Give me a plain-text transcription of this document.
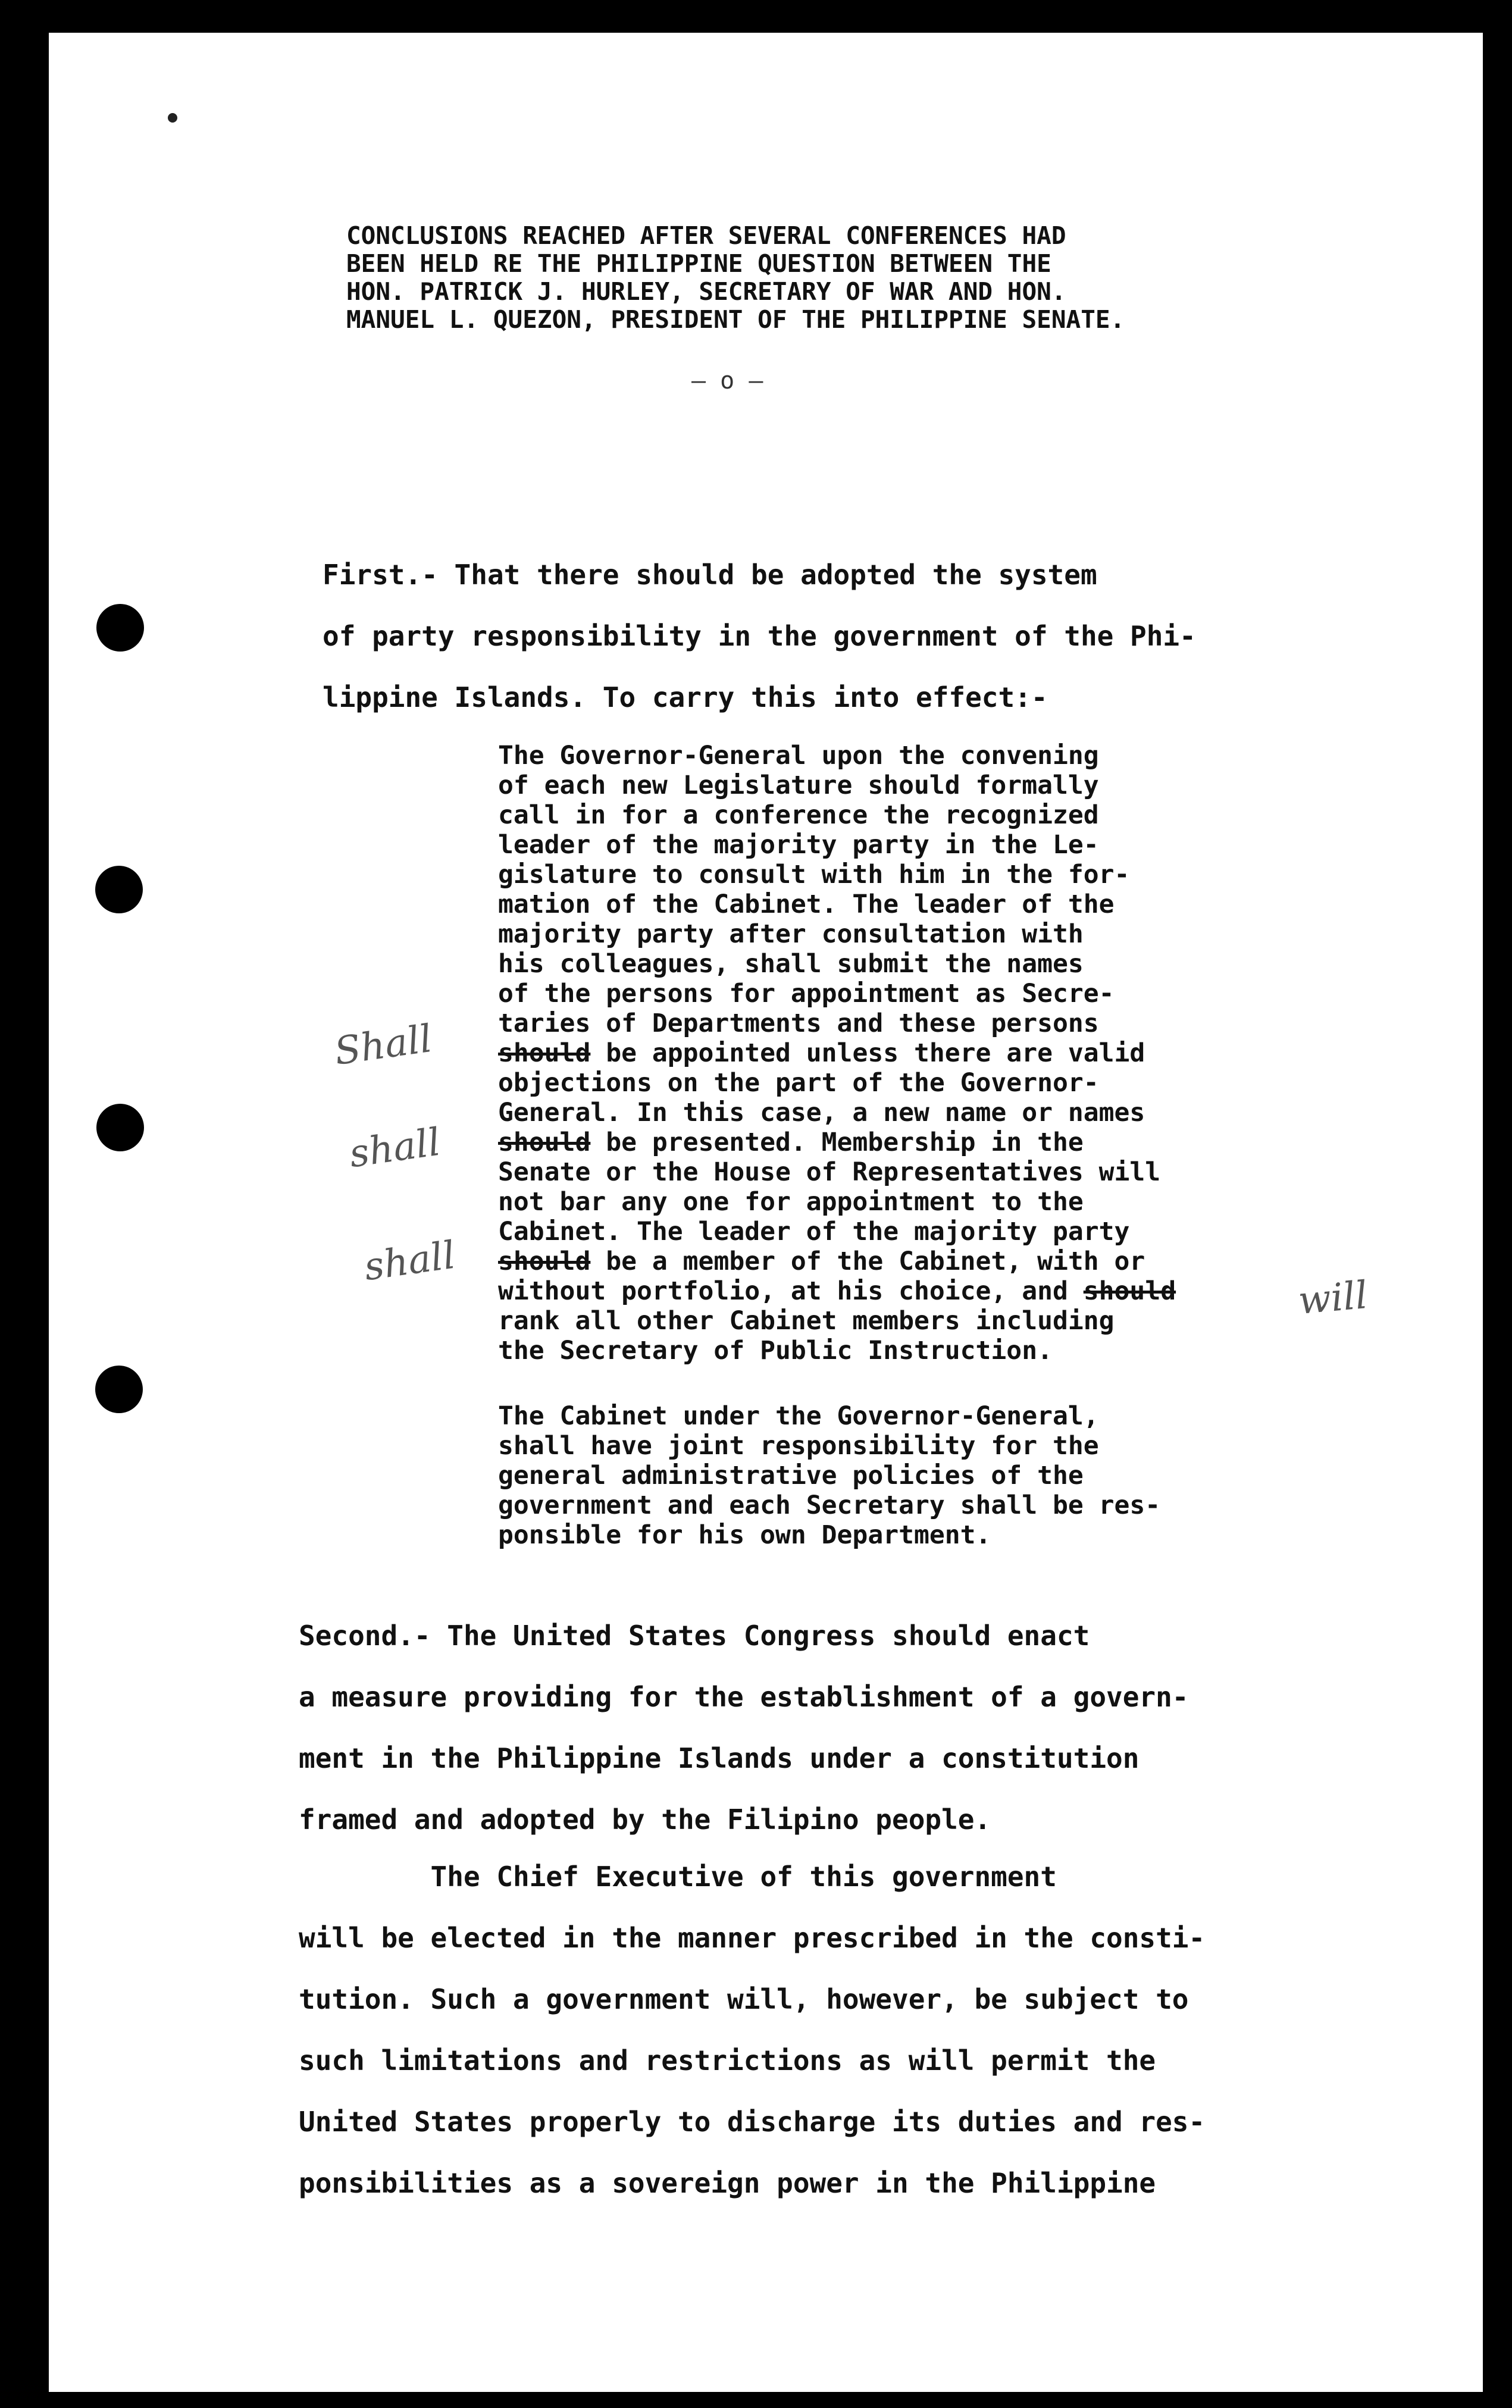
CONCLUSIONS REACHED AFTER SEVERAL CONFERENCES HAD
BEEN HELD RE THE PHILIPPINE QUESTION BETWEEN THE
HON. PATRICK J. HURLEY, SECRETARY OF WAR AND HON.
MANUEL L. QUEZON, PRESIDENT OF THE PHILIPPINE SENATE.
— o —
First.- That there should be adopted the system
of party responsibility in the government of the Phi-
lippine Islands. To carry this into effect:-
The Governor-General upon the convening
of each new Legislature should formally
call in for a conference the recognized
leader of the majority party in the Le-
gislature to consult with him in the for-
mation of the Cabinet. The leader of the
majority party after consultation with
his colleagues, shall submit the names
of the persons for appointment as Secre-
taries of Departments and these persons
should be appointed unless there are valid
objections on the part of the Governor-
General. In this case, a new name or names
should be presented. Membership in the
Senate or the House of Representatives will
not bar any one for appointment to the
Cabinet. The leader of the majority party
should be a member of the Cabinet, with or
without portfolio, at his choice, and should
rank all other Cabinet members including
the Secretary of Public Instruction.
The Cabinet under the Governor-General,
shall have joint responsibility for the
general administrative policies of the
government and each Secretary shall be res-
ponsible for his own Department.
Second.- The United States Congress should enact
a measure providing for the establishment of a govern-
ment in the Philippine Islands under a constitution
framed and adopted by the Filipino people.
The Chief Executive of this government
will be elected in the manner prescribed in the consti-
tution. Such a government will, however, be subject to
such limitations and restrictions as will permit the
United States properly to discharge its duties and res-
ponsibilities as a sovereign power in the Philippine
Shall
shall
shall
will
